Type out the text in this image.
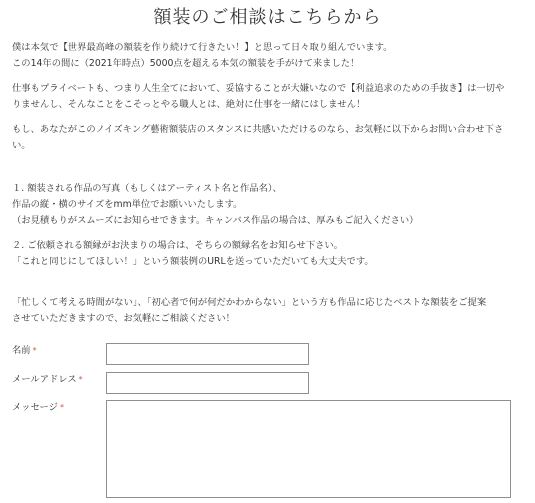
額装のご相談はこちらから
僕は本気で【世界最高峰の額装を作り続けて行きたい！】と思って日々取り組んでいます。
この14年の間に（2021年時点）5000点を超える本気の額装を手がけて来ました！
仕事もプライベートも、つまり人生全てにおいて、妥協することが大嫌いなので【利益追求のための手抜き】は一切や
りませんし、そんなことをこそっとやる職人とは、絶対に仕事を一緒にはしません！
もし、あなたがこのノイズキング藝術額装店のスタンスに共感いただけるのなら、お気軽に以下からお問い合わせ下さ
い。
１. 額装される作品の写真（もしくはアーティスト名と作品名）、
作品の縦・横のサイズをmm単位でお願いいたします。
（お見積もりがスムーズにお知らせできます。キャンバス作品の場合は、厚みもご記入ください）
２. ご依頼される額縁がお決まりの場合は、そちらの額縁名をお知らせ下さい。
「これと同じにしてほしい！」という額装例のURLを送っていただいても大丈夫です。
「忙しくて考える時間がない」、「初心者で何が何だかわからない」という方も作品に応じたベストな額装をご提案
させていただきますので、お気軽にご相談ください！
名前 *
メールアドレス *
メッセージ *
